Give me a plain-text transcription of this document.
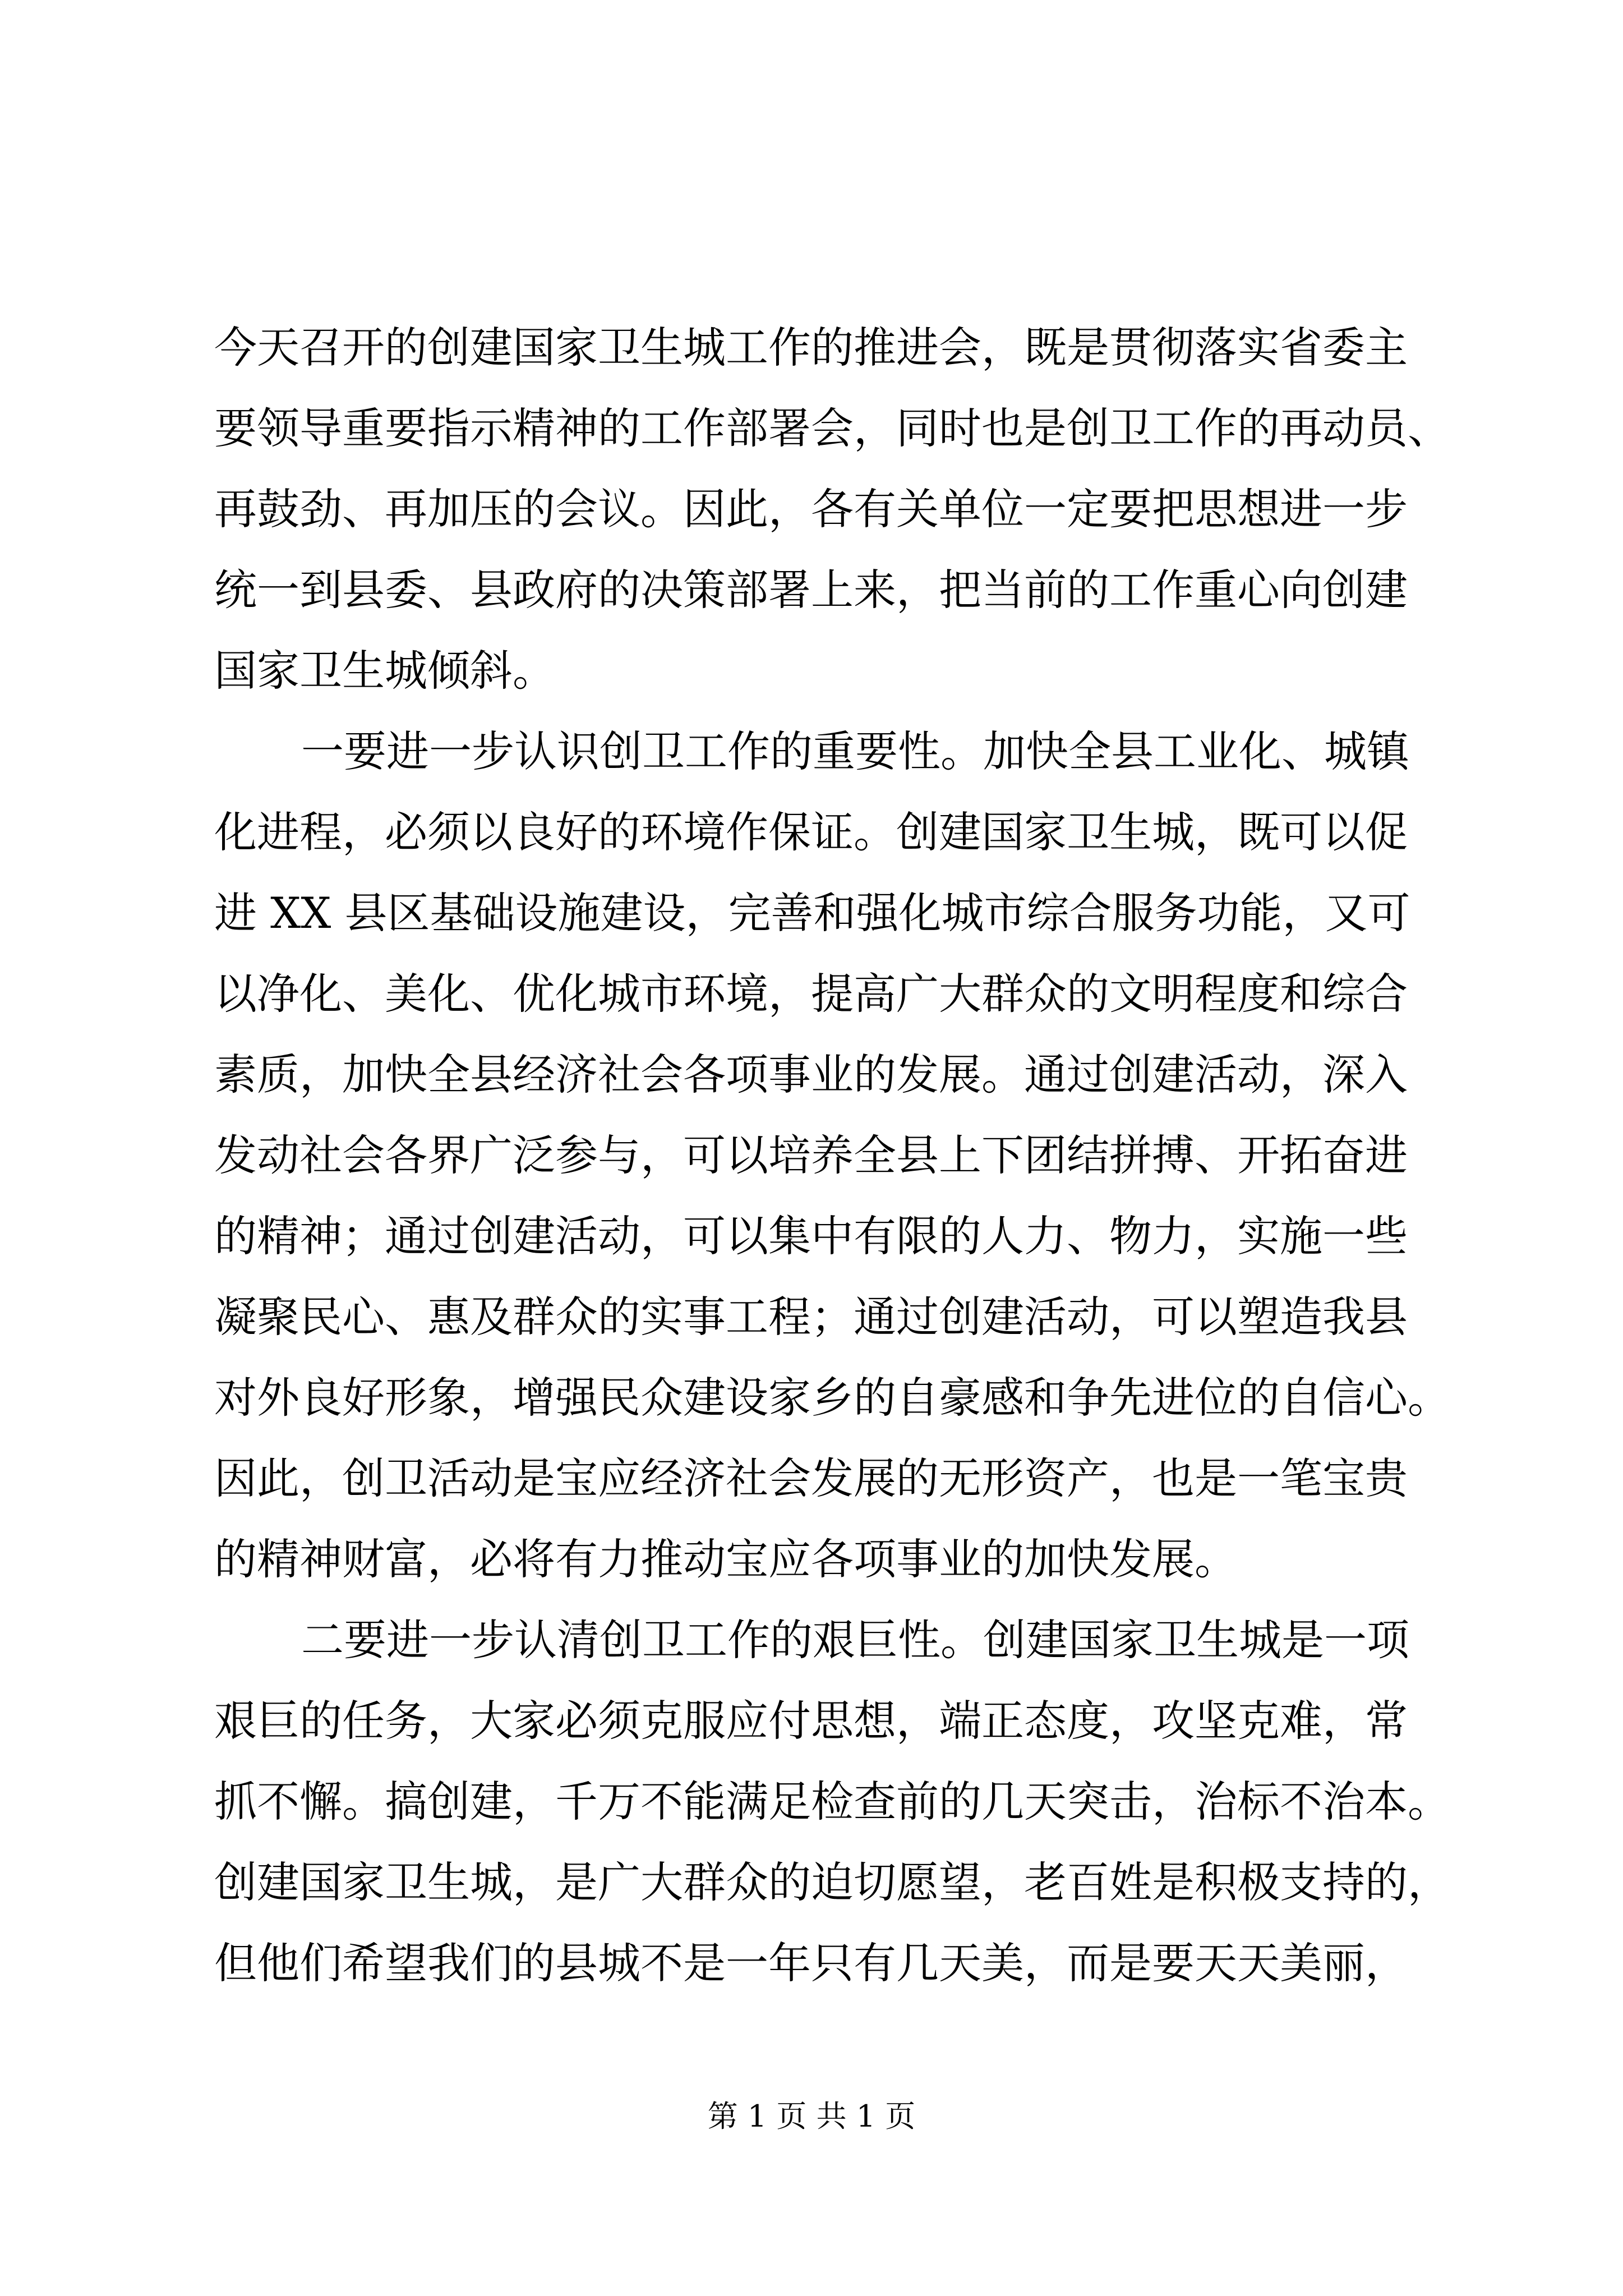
今天召开的创建国家卫生城工作的推进会，既是贯彻落实省委主
要领导重要指示精神的工作部署会，同时也是创卫工作的再动员、
再鼓劲、再加压的会议。因此，各有关单位一定要把思想进一步
统一到县委、县政府的决策部署上来，把当前的工作重心向创建
国家卫生城倾斜。
一要进一步认识创卫工作的重要性。加快全县工业化、城镇
化进程，必须以良好的环境作保证。创建国家卫生城，既可以促
进 XX 县区基础设施建设，完善和强化城市综合服务功能，又可
以净化、美化、优化城市环境，提高广大群众的文明程度和综合
素质，加快全县经济社会各项事业的发展。通过创建活动，深入
发动社会各界广泛参与，可以培养全县上下团结拼搏、开拓奋进
的精神；通过创建活动，可以集中有限的人力、物力，实施一些
凝聚民心、惠及群众的实事工程；通过创建活动，可以塑造我县
对外良好形象，增强民众建设家乡的自豪感和争先进位的自信心。
因此，创卫活动是宝应经济社会发展的无形资产，也是一笔宝贵
的精神财富，必将有力推动宝应各项事业的加快发展。
二要进一步认清创卫工作的艰巨性。创建国家卫生城是一项
艰巨的任务，大家必须克服应付思想，端正态度，攻坚克难，常
抓不懈。搞创建，千万不能满足检查前的几天突击，治标不治本。
创建国家卫生城，是广大群众的迫切愿望，老百姓是积极支持的，
但他们希望我们的县城不是一年只有几天美，而是要天天美丽，
第 1 页 共 1 页
